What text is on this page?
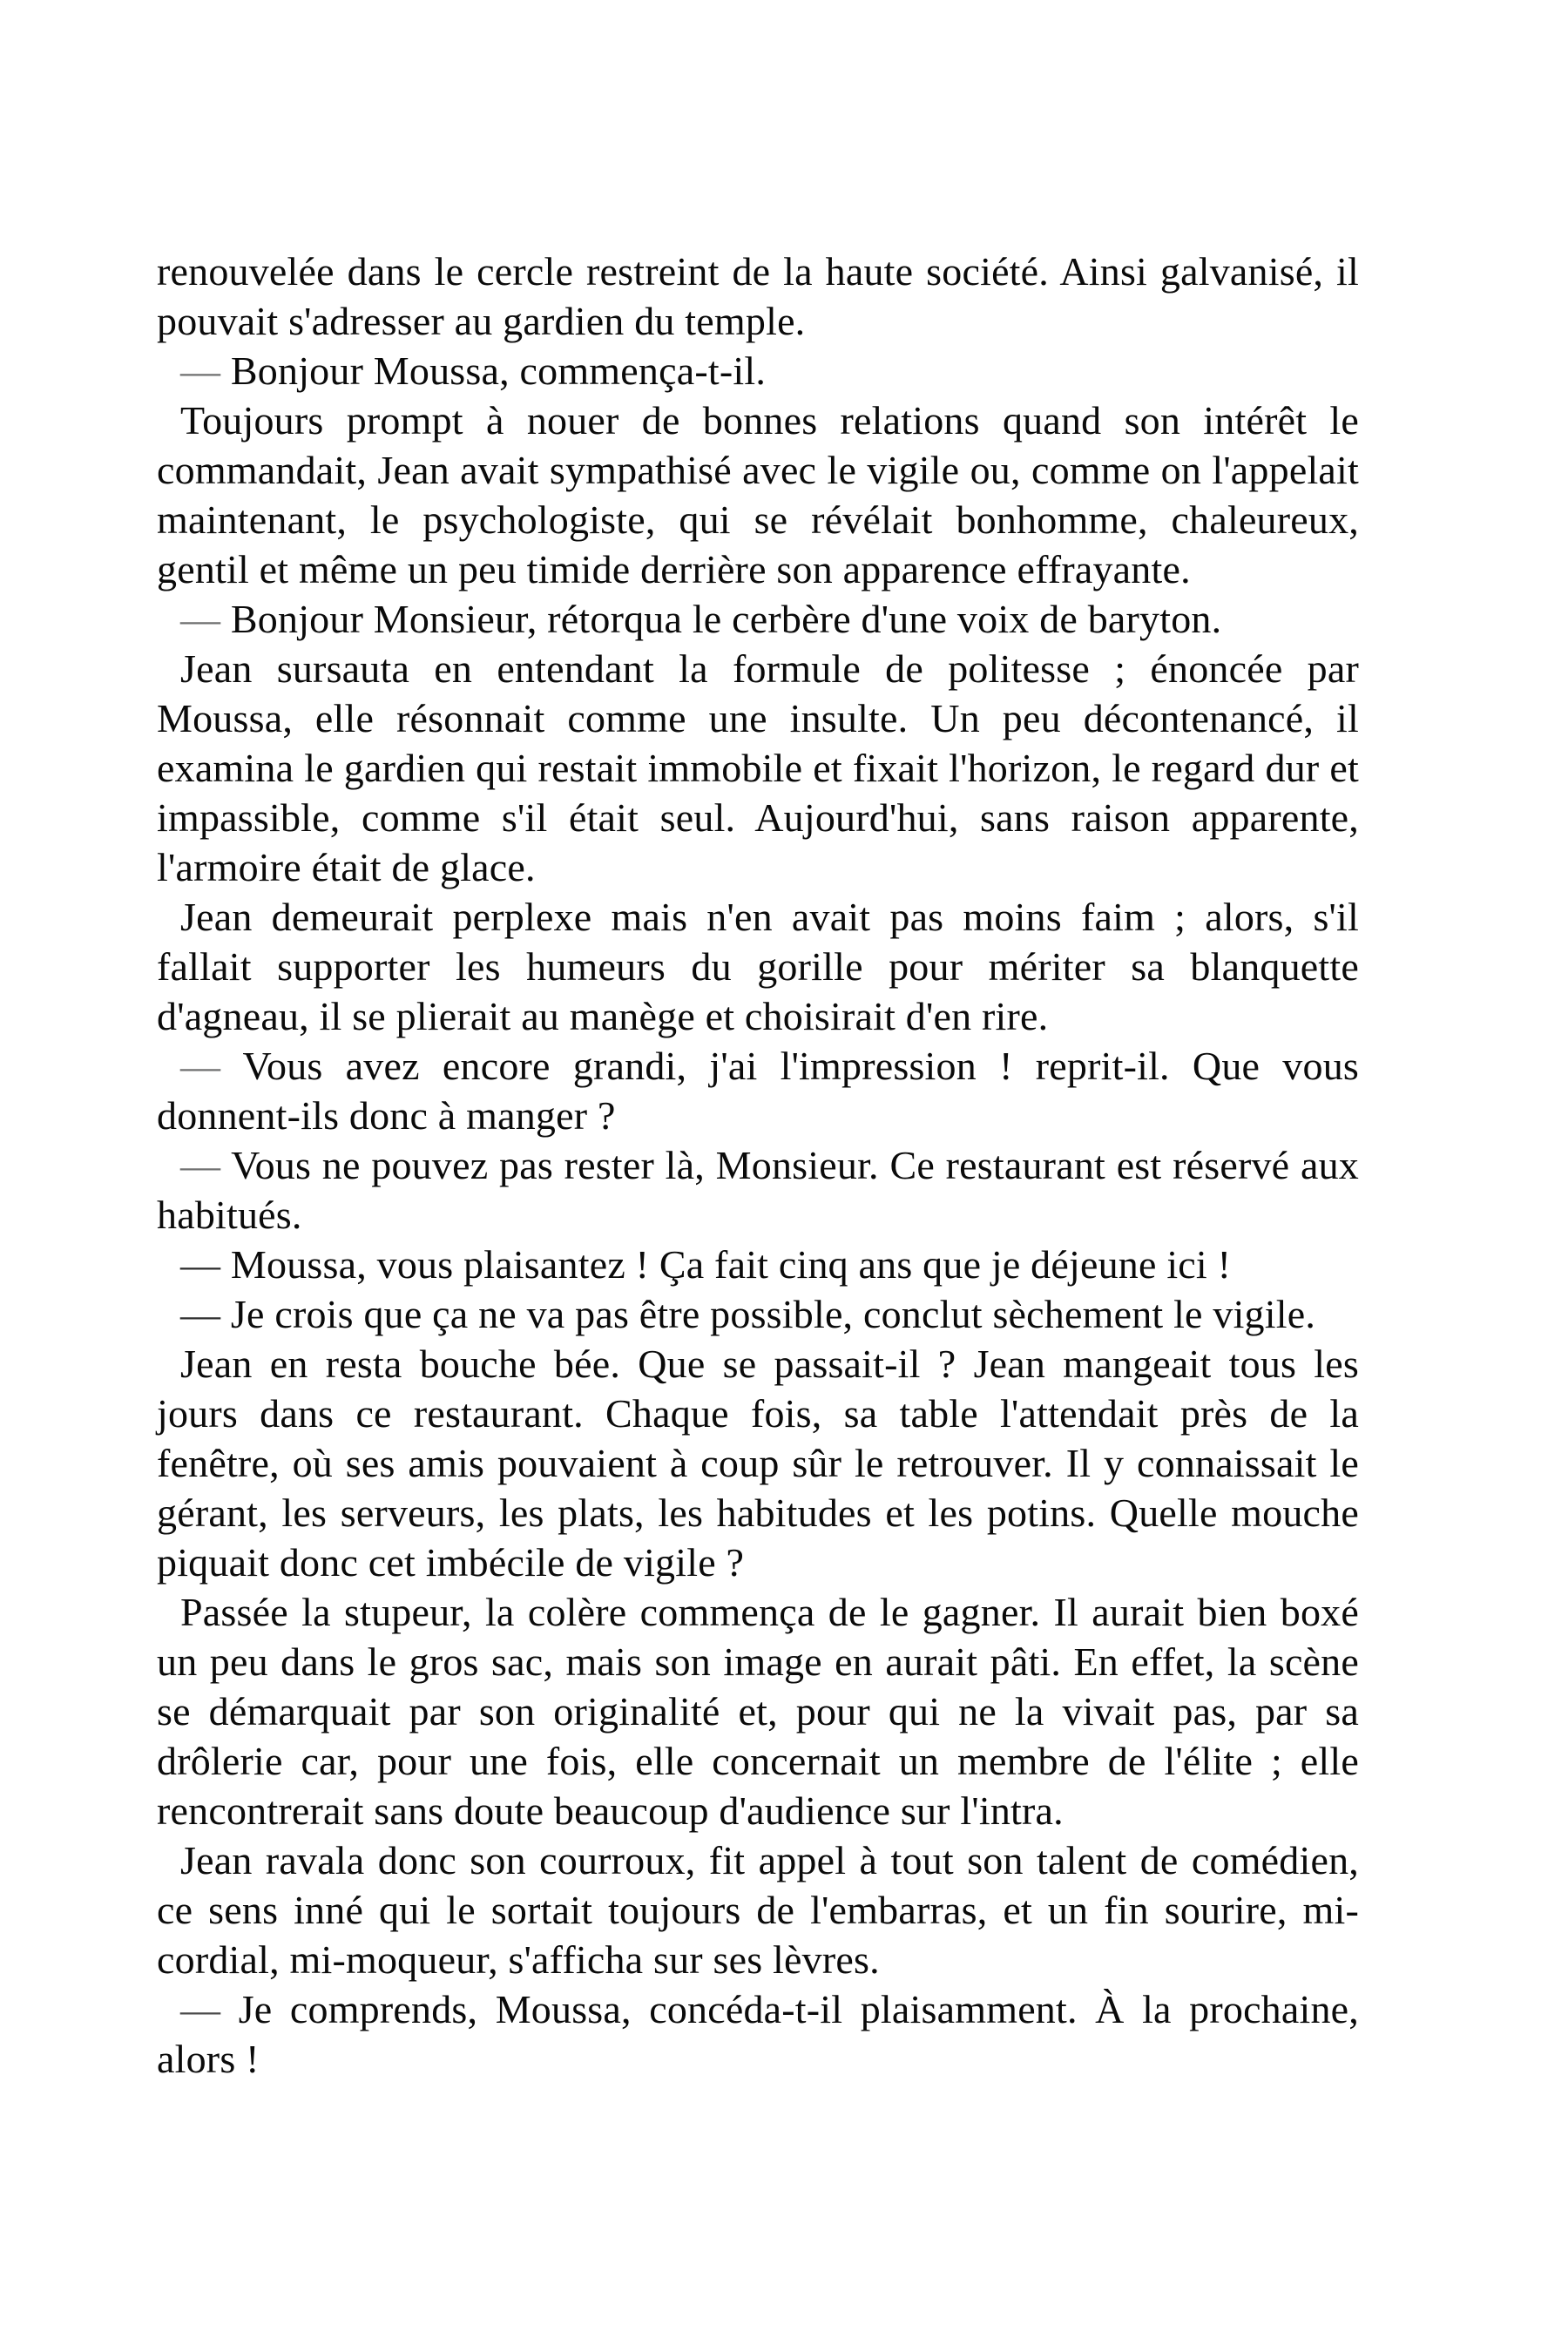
renouvelée dans le cercle restreint de la haute société. Ainsi galvanisé, il pouvait s'adresser au gardien du temple.

— Bonjour Moussa, commença-t-il.

Toujours prompt à nouer de bonnes relations quand son intérêt le commandait, Jean avait sympathisé avec le vigile ou, comme on l'appelait maintenant, le psychologiste, qui se révélait bonhomme, chaleureux, gentil et même un peu timide derrière son apparence effrayante.

— Bonjour Monsieur, rétorqua le cerbère d'une voix de baryton.

Jean sursauta en entendant la formule de politesse ; énoncée par Moussa, elle résonnait comme une insulte. Un peu décontenancé, il examina le gardien qui restait immobile et fixait l'horizon, le regard dur et impassible, comme s'il était seul. Aujourd'hui, sans raison apparente, l'armoire était de glace.

Jean demeurait perplexe mais n'en avait pas moins faim ; alors, s'il fallait supporter les humeurs du gorille pour mériter sa blanquette d'agneau, il se plierait au manège et choisirait d'en rire.

— Vous avez encore grandi, j'ai l'impression ! reprit-il. Que vous donnent-ils donc à manger ?

— Vous ne pouvez pas rester là, Monsieur. Ce restaurant est réservé aux habitués.

— Moussa, vous plaisantez ! Ça fait cinq ans que je déjeune ici !

— Je crois que ça ne va pas être possible, conclut sèchement le vigile.

Jean en resta bouche bée. Que se passait-il ? Jean mangeait tous les jours dans ce restaurant. Chaque fois, sa table l'attendait près de la fenêtre, où ses amis pouvaient à coup sûr le retrouver. Il y connaissait le gérant, les serveurs, les plats, les habitudes et les potins. Quelle mouche piquait donc cet imbécile de vigile ?

Passée la stupeur, la colère commença de le gagner. Il aurait bien boxé un peu dans le gros sac, mais son image en aurait pâti. En effet, la scène se démarquait par son originalité et, pour qui ne la vivait pas, par sa drôlerie car, pour une fois, elle concernait un membre de l'élite ; elle rencontrerait sans doute beaucoup d'audience sur l'intra.

Jean ravala donc son courroux, fit appel à tout son talent de comédien, ce sens inné qui le sortait toujours de l'embarras, et un fin sourire, mi-cordial, mi-moqueur, s'afficha sur ses lèvres.

— Je comprends, Moussa, concéda-t-il plaisamment. À la prochaine, alors !
